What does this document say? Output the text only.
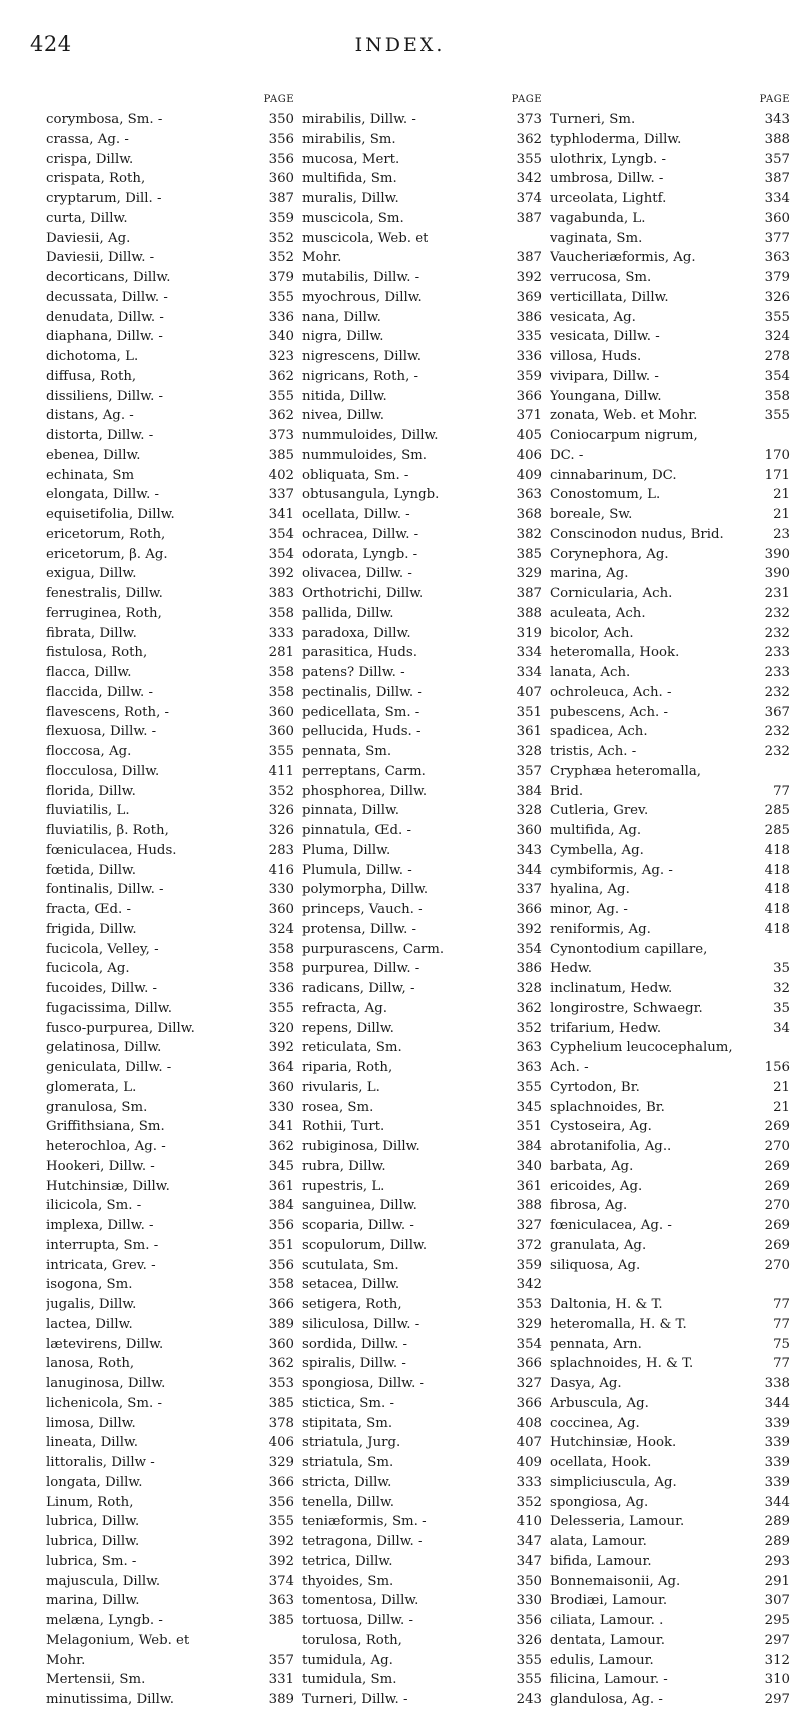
424	INDEX.
PAGE
corymbosa, Sm. -	350
crassa, Ag. -	356
crispa, Dillw.	356
crispata, Roth,	360
cryptarum, Dill. -	387
curta, Dillw.	359
Daviesii, Ag.	352
Daviesii, Dillw. -	352
decorticans, Dillw.	379
decussata, Dillw. -	355
denudata, Dillw. -	336
diaphana, Dillw. -	340
dichotoma, L.	323
diffusa, Roth,	362
dissiliens, Dillw. -	355
distans, Ag. -	362
distorta, Dillw. -	373
ebenea, Dillw.	385
echinata, Sm	402
elongata, Dillw. -	337
equisetifolia, Dillw.	341
ericetorum, Roth,	354
ericetorum, β. Ag.	354
exigua, Dillw.	392
fenestralis, Dillw.	383
ferruginea, Roth,	358
fibrata, Dillw.	333
fistulosa, Roth,	281
flacca, Dillw.	358
flaccida, Dillw. -	358
flavescens, Roth, -	360
flexuosa, Dillw. -	360
floccosa, Ag.	355
flocculosa, Dillw.	411
florida, Dillw.	352
fluviatilis, L.	326
fluviatilis, β. Roth,	326
fœniculacea, Huds.	283
fœtida, Dillw.	416
fontinalis, Dillw. -	330
fracta, Œd. -	360
frigida, Dillw.	324
fucicola, Velley, -	358
fucicola, Ag.	358
fucoides, Dillw. -	336
fugacissima, Dillw.	355
fusco-purpurea, Dillw.	320
gelatinosa, Dillw.	392
geniculata, Dillw. -	364
glomerata, L.	360
granulosa, Sm.	330
Griffithsiana, Sm.	341
heterochloa, Ag. -	362
Hookeri, Dillw. -	345
Hutchinsiæ, Dillw.	361
ilicicola, Sm. -	384
implexa, Dillw. -	356
interrupta, Sm. -	351
intricata, Grev. -	356
isogona, Sm.	358
jugalis, Dillw.	366
lactea, Dillw.	389
lætevirens, Dillw.	360
lanosa, Roth,	362
lanuginosa, Dillw.	353
lichenicola, Sm. -	385
limosa, Dillw.	378
lineata, Dillw.	406
littoralis, Dillw -	329
longata, Dillw.	366
Linum, Roth,	356
lubrica, Dillw.	355
lubrica, Dillw.	392
lubrica, Sm. -	392
majuscula, Dillw.	374
marina, Dillw.	363
melæna, Lyngb. -	385
Melagonium, Web. et
Mohr.	357
Mertensii, Sm.	331
minutissima, Dillw.	389
PAGE
mirabilis, Dillw. -	373
mirabilis, Sm.	362
mucosa, Mert.	355
multifida, Sm.	342
muralis, Dillw.	374
muscicola, Sm.	387
muscicola, Web. et
Mohr.	387
mutabilis, Dillw. -	392
myochrous, Dillw.	369
nana, Dillw.	386
nigra, Dillw.	335
nigrescens, Dillw.	336
nigricans, Roth, -	359
nitida, Dillw.	366
nivea, Dillw.	371
nummuloides, Dillw.	405
nummuloides, Sm.	406
obliquata, Sm. -	409
obtusangula, Lyngb.	363
ocellata, Dillw. -	368
ochracea, Dillw. -	382
odorata, Lyngb. -	385
olivacea, Dillw. -	329
Orthotrichi, Dillw.	387
pallida, Dillw.	388
paradoxa, Dillw.	319
parasitica, Huds.	334
patens? Dillw. -	334
pectinalis, Dillw. -	407
pedicellata, Sm. -	351
pellucida, Huds. -	361
pennata, Sm.	328
perreptans, Carm.	357
phosphorea, Dillw.	384
pinnata, Dillw.	328
pinnatula, Œd. -	360
Pluma, Dillw.	343
Plumula, Dillw. -	344
polymorpha, Dillw.	337
princeps, Vauch. -	366
protensa, Dillw. -	392
purpurascens, Carm.	354
purpurea, Dillw. -	386
radicans, Dillw, -	328
refracta, Ag.	362
repens, Dillw.	352
reticulata, Sm.	363
riparia, Roth,	363
rivularis, L.	355
rosea, Sm.	345
Rothii, Turt.	351
rubiginosa, Dillw.	384
rubra, Dillw.	340
rupestris, L.	361
sanguinea, Dillw.	388
scoparia, Dillw. -	327
scopulorum, Dillw.	372
scutulata, Sm.	359
setacea, Dillw.	342
setigera, Roth,	353
siliculosa, Dillw. -	329
sordida, Dillw. -	354
spiralis, Dillw. -	366
spongiosa, Dillw. -	327
stictica, Sm. -	366
stipitata, Sm.	408
striatula, Jurg.	407
striatula, Sm.	409
stricta, Dillw.	333
tenella, Dillw.	352
teniæformis, Sm. -	410
tetragona, Dillw. -	347
tetrica, Dillw.	347
thyoides, Sm.	350
tomentosa, Dillw.	330
tortuosa, Dillw. -	356
torulosa, Roth,	326
tumidula, Ag.	355
tumidula, Sm.	355
Turneri, Dillw. -	243
PAGE
Turneri, Sm.	343
typhloderma, Dillw.	388
ulothrix, Lyngb. -	357
umbrosa, Dillw. -	387
urceolata, Lightf.	334
vagabunda, L.	360
vaginata, Sm.	377
Vaucheriæformis, Ag.	363
verrucosa, Sm.	379
verticillata, Dillw.	326
vesicata, Ag.	355
vesicata, Dillw. -	324
villosa, Huds.	278
vivipara, Dillw. -	354
Youngana, Dillw.	358
zonata, Web. et Mohr.	355
Coniocarpum nigrum,
DC. -	170
cinnabarinum, DC.	171
Conostomum, L.	21
boreale, Sw.	21
Conscinodon nudus, Brid.	23
Corynephora, Ag.	390
marina, Ag.	390
Cornicularia, Ach.	231
aculeata, Ach.	232
bicolor, Ach.	232
heteromalla, Hook.	233
lanata, Ach.	233
ochroleuca, Ach. -	232
pubescens, Ach. -	367
spadicea, Ach.	232
tristis, Ach. -	232
Cryphæa heteromalla,
Brid.	77
Cutleria, Grev.	285
multifida, Ag.	285
Cymbella, Ag.	418
cymbiformis, Ag. -	418
hyalina, Ag.	418
minor, Ag. -	418
reniformis, Ag.	418
Cynontodium capillare,
Hedw.	35
inclinatum, Hedw.	32
longirostre, Schwaegr.	35
trifarium, Hedw.	34
Cyphelium leucocephalum,
Ach. -	156
Cyrtodon, Br.	21
splachnoides, Br.	21
Cystoseira, Ag.	269
abrotanifolia, Ag..	270
barbata, Ag.	269
ericoides, Ag.	269
fibrosa, Ag.	270
fœniculacea, Ag. -	269
granulata, Ag.	269
siliquosa, Ag.	270
Daltonia, H. & T.	77
heteromalla, H. & T.	77
pennata, Arn.	75
splachnoides, H. & T.	77
Dasya, Ag.	338
Arbuscula, Ag.	344
coccinea, Ag.	339
Hutchinsiæ, Hook.	339
ocellata, Hook.	339
simpliciuscula, Ag.	339
spongiosa, Ag.	344
Delesseria, Lamour.	289
alata, Lamour.	289
bifida, Lamour.	293
Bonnemaisonii, Ag.	291
Brodiæi, Lamour.	307
ciliata, Lamour. .	295
dentata, Lamour.	297
edulis, Lamour.	312
filicina, Lamour. -	310
glandulosa, Ag. -	297
